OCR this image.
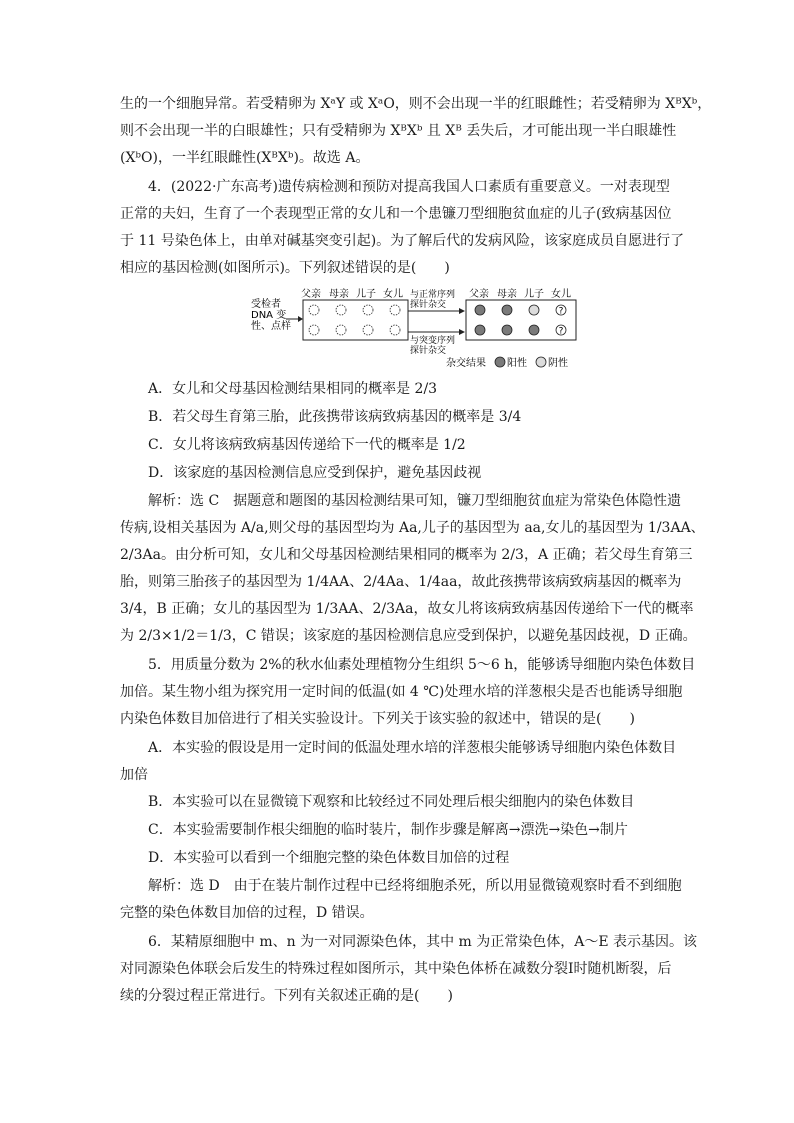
生的一个细胞异常。若受精卵为 XᵃY 或 XᵃO，则不会出现一半的红眼雌性；若受精卵为 XᴮXᵇ，
则不会出现一半的白眼雄性；只有受精卵为 XᴮXᵇ 且 Xᴮ 丢失后，才可能出现一半白眼雄性
(XᵇO)，一半红眼雌性(XᴮXᵇ)。故选 A。
4．(2022·广东高考)遗传病检测和预防对提高我国人口素质有重要意义。一对表现型
正常的夫妇，生育了一个表现型正常的女儿和一个患镰刀型细胞贫血症的儿子(致病基因位
于 11 号染色体上，由单对碱基突变引起)。为了解后代的发病风险，该家庭成员自愿进行了
相应的基因检测(如图所示)。下列叙述错误的是(　　)
受检者
DNA 变
性、点样
父亲 母亲 儿子 女儿	父亲 母亲 儿子 女儿
与正常序列
探针杂交
与突变序列
探针杂交
?
?
杂交结果 阳性 阴性
A．女儿和父母基因检测结果相同的概率是 2/3
B．若父母生育第三胎，此孩携带该病致病基因的概率是 3/4
C．女儿将该病致病基因传递给下一代的概率是 1/2
D．该家庭的基因检测信息应受到保护，避免基因歧视
解析：选 C　据题意和题图的基因检测结果可知，镰刀型细胞贫血症为常染色体隐性遗
传病,设相关基因为 A/a,则父母的基因型均为 Aa,儿子的基因型为 aa,女儿的基因型为 1/3AA、
2/3Aa。由分析可知，女儿和父母基因检测结果相同的概率为 2/3，A 正确；若父母生育第三
胎，则第三胎孩子的基因型为 1/4AA、2/4Aa、1/4aa，故此孩携带该病致病基因的概率为
3/4，B 正确；女儿的基因型为 1/3AA、2/3Aa，故女儿将该病致病基因传递给下一代的概率
为 2/3×1/2＝1/3，C 错误；该家庭的基因检测信息应受到保护，以避免基因歧视，D 正确。
5．用质量分数为 2%的秋水仙素处理植物分生组织 5～6 h，能够诱导细胞内染色体数目
加倍。某生物小组为探究用一定时间的低温(如 4 ℃)处理水培的洋葱根尖是否也能诱导细胞
内染色体数目加倍进行了相关实验设计。下列关于该实验的叙述中，错误的是(　　)
A．本实验的假设是用一定时间的低温处理水培的洋葱根尖能够诱导细胞内染色体数目
加倍
B．本实验可以在显微镜下观察和比较经过不同处理后根尖细胞内的染色体数目
C．本实验需要制作根尖细胞的临时装片，制作步骤是解离→漂洗→染色→制片
D．本实验可以看到一个细胞完整的染色体数目加倍的过程
解析：选 D　由于在装片制作过程中已经将细胞杀死，所以用显微镜观察时看不到细胞
完整的染色体数目加倍的过程，D 错误。
6．某精原细胞中 m、n 为一对同源染色体，其中 m 为正常染色体，A～E 表示基因。该
对同源染色体联会后发生的特殊过程如图所示，其中染色体桥在减数分裂Ⅰ时随机断裂，后
续的分裂过程正常进行。下列有关叙述正确的是(　　)
